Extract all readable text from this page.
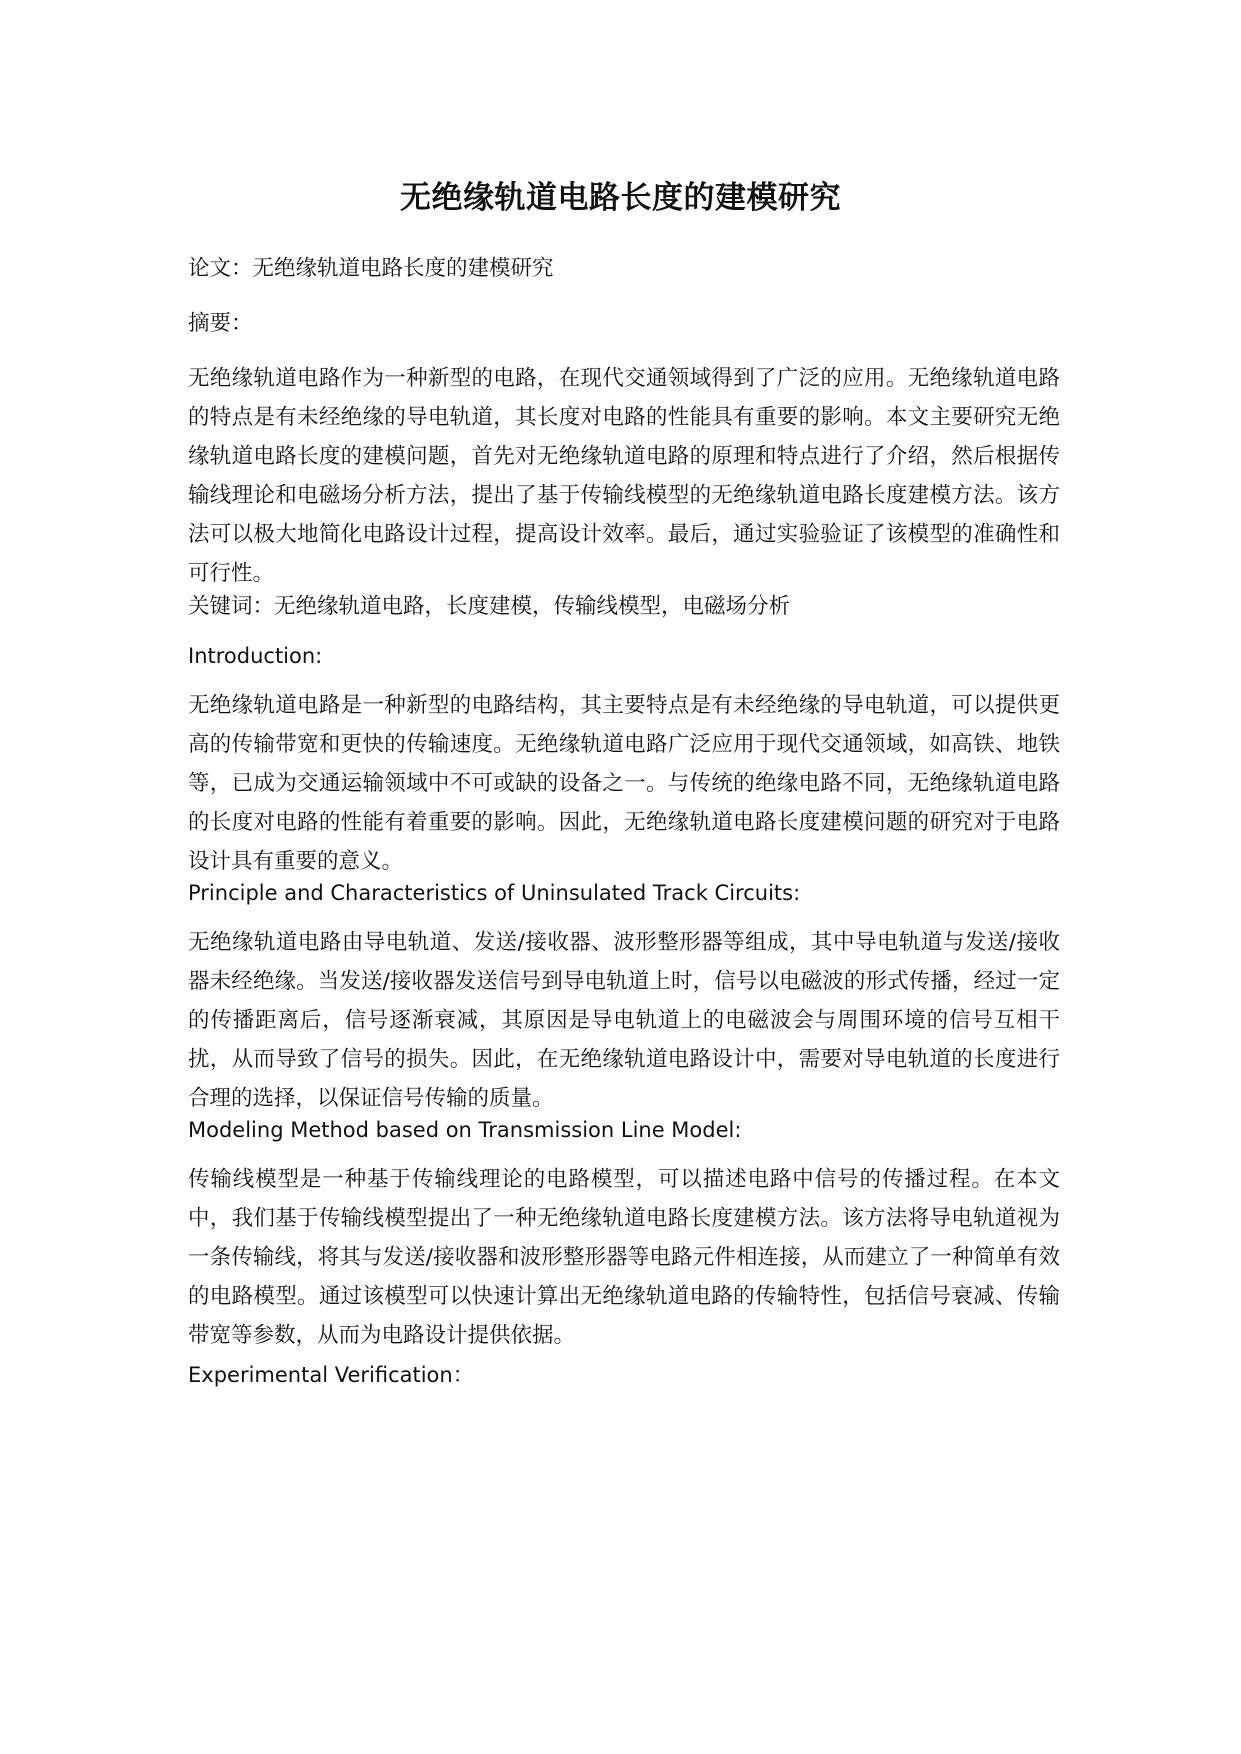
无绝缘轨道电路长度的建模研究

论文：无绝缘轨道电路长度的建模研究

摘要：

无绝缘轨道电路作为一种新型的电路，在现代交通领域得到了广泛的应用。无绝缘轨道电路的特点是有未经绝缘的导电轨道，其长度对电路的性能具有重要的影响。本文主要研究无绝缘轨道电路长度的建模问题，首先对无绝缘轨道电路的原理和特点进行了介绍，然后根据传输线理论和电磁场分析方法，提出了基于传输线模型的无绝缘轨道电路长度建模方法。该方法可以极大地简化电路设计过程，提高设计效率。最后，通过实验验证了该模型的准确性和可行性。

关键词：无绝缘轨道电路，长度建模，传输线模型，电磁场分析

Introduction:

无绝缘轨道电路是一种新型的电路结构，其主要特点是有未经绝缘的导电轨道，可以提供更高的传输带宽和更快的传输速度。无绝缘轨道电路广泛应用于现代交通领域，如高铁、地铁等，已成为交通运输领域中不可或缺的设备之一。与传统的绝缘电路不同，无绝缘轨道电路的长度对电路的性能有着重要的影响。因此，无绝缘轨道电路长度建模问题的研究对于电路设计具有重要的意义。

Principle and Characteristics of Uninsulated Track Circuits:

无绝缘轨道电路由导电轨道、发送/接收器、波形整形器等组成，其中导电轨道与发送/接收器未经绝缘。当发送/接收器发送信号到导电轨道上时，信号以电磁波的形式传播，经过一定的传播距离后，信号逐渐衰减，其原因是导电轨道上的电磁波会与周围环境的信号互相干扰，从而导致了信号的损失。因此，在无绝缘轨道电路设计中，需要对导电轨道的长度进行合理的选择，以保证信号传输的质量。

Modeling Method based on Transmission Line Model:

传输线模型是一种基于传输线理论的电路模型，可以描述电路中信号的传播过程。在本文中，我们基于传输线模型提出了一种无绝缘轨道电路长度建模方法。该方法将导电轨道视为一条传输线，将其与发送/接收器和波形整形器等电路元件相连接，从而建立了一种简单有效的电路模型。通过该模型可以快速计算出无绝缘轨道电路的传输特性，包括信号衰减、传输带宽等参数，从而为电路设计提供依据。

Experimental Verification：
